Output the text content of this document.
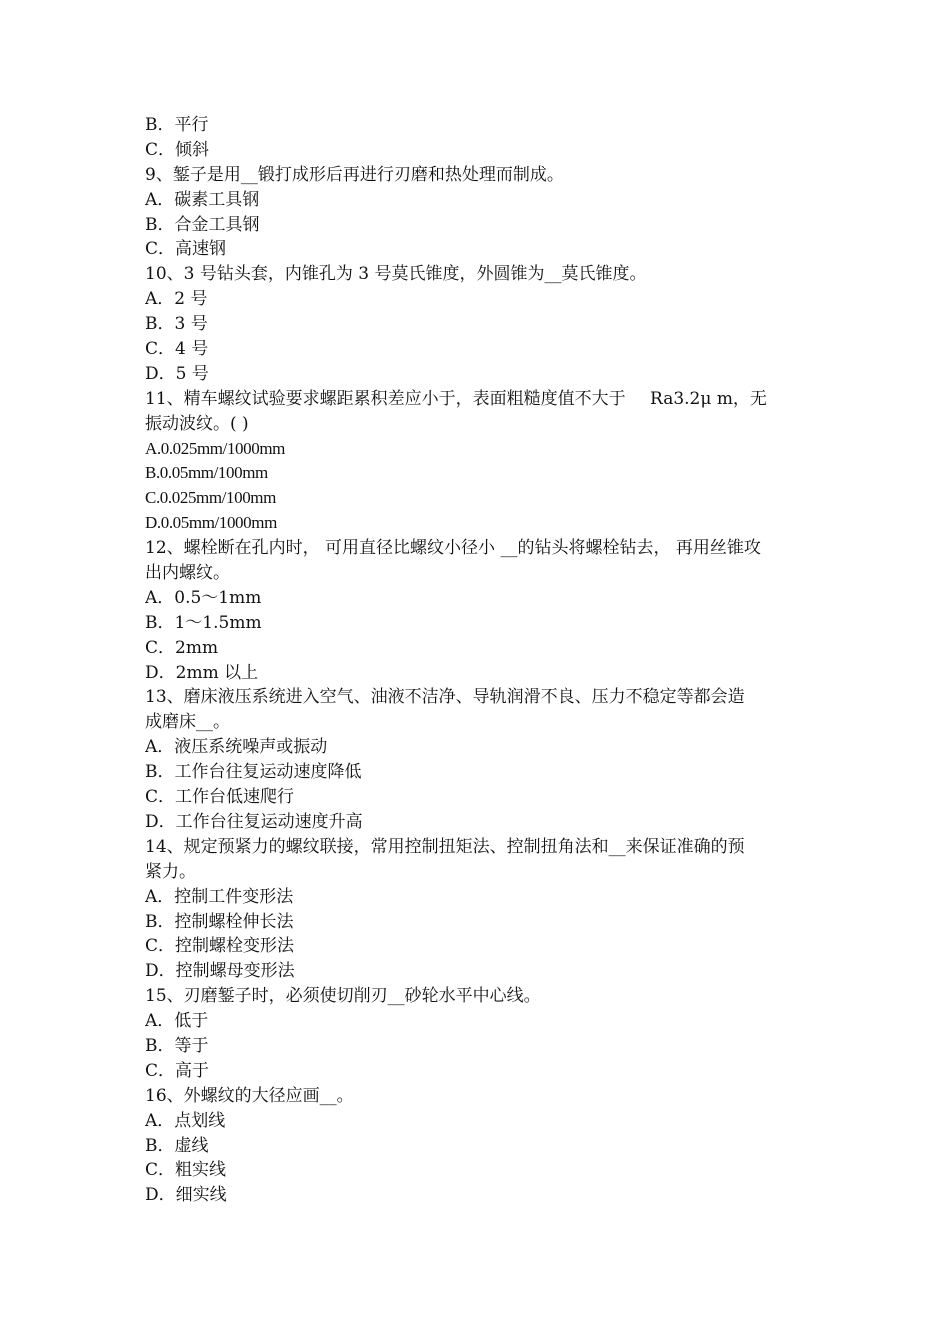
B．平行
C．倾斜
9、錾子是用__锻打成形后再进行刃磨和热处理而制成。
A．碳素工具钢
B．合金工具钢
C．高速钢
10、3 号钻头套，内锥孔为 3 号莫氏锥度，外圆锥为__莫氏锥度。
A．2 号
B．3 号
C．4 号
D．5 号
11、精车螺纹试验要求螺距累积差应小于，表面粗糙度值不大于 Ra3.2μ m，无
振动波纹。( )
A.0.025mm/1000mm
B.0.05mm/100mm
C.0.025mm/100mm
D.0.05mm/1000mm
12、螺栓断在孔内时， 可用直径比螺纹小径小 __的钻头将螺栓钻去， 再用丝锥攻
出内螺纹。
A．0.5～1mm
B．1～1.5mm
C．2mm
D．2mm 以上
13、磨床液压系统进入空气、油液不洁净、导轨润滑不良、压力不稳定等都会造
成磨床__。
A．液压系统噪声或振动
B．工作台往复运动速度降低
C．工作台低速爬行
D．工作台往复运动速度升高
14、规定预紧力的螺纹联接，常用控制扭矩法、控制扭角法和__来保证准确的预
紧力。
A．控制工件变形法
B．控制螺栓伸长法
C．控制螺栓变形法
D．控制螺母变形法
15、刃磨錾子时，必须使切削刃__砂轮水平中心线。
A．低于
B．等于
C．高于
16、外螺纹的大径应画__。
A．点划线
B．虚线
C．粗实线
D．细实线
